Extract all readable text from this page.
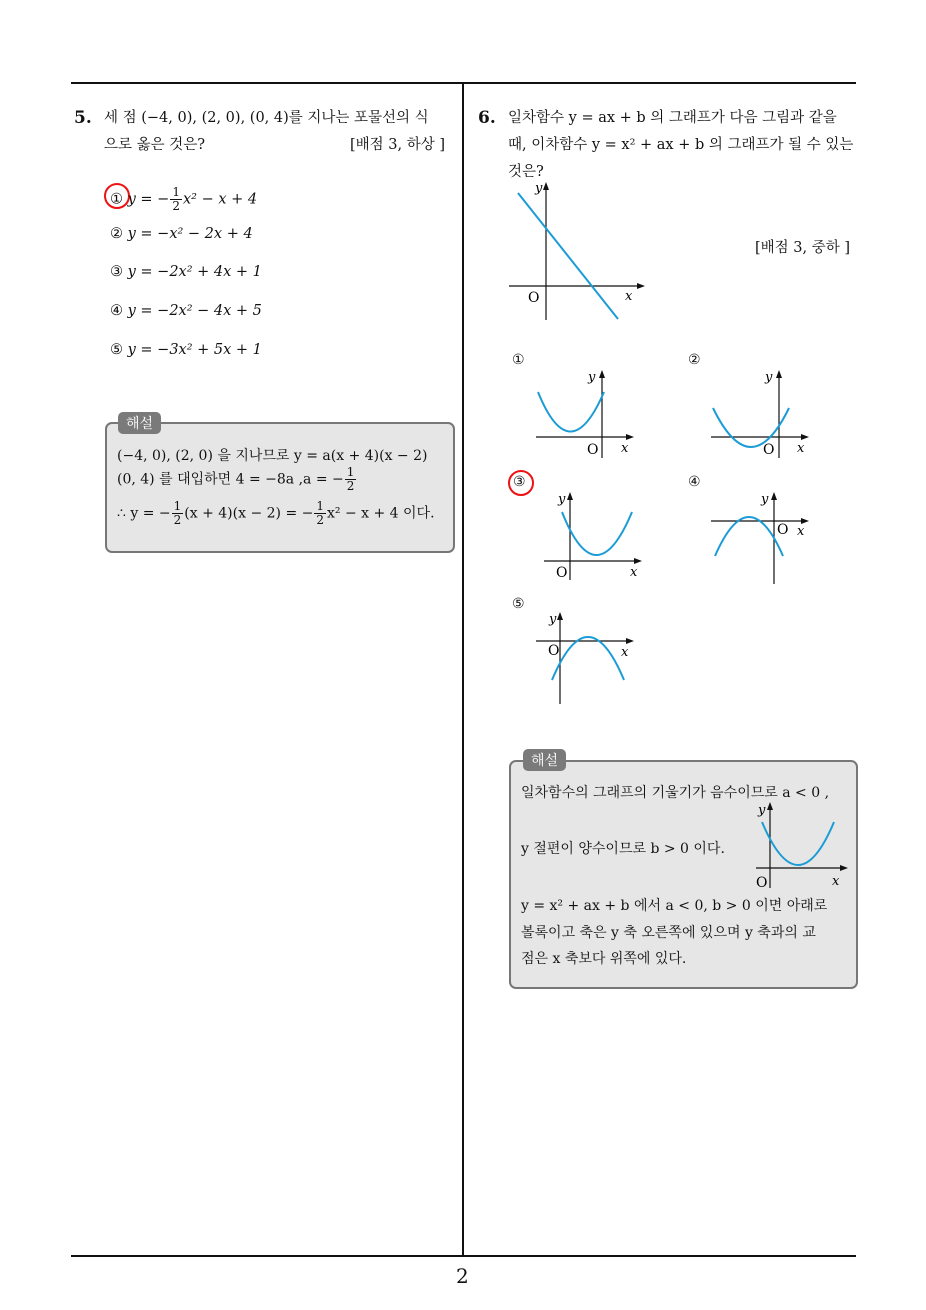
2
5. 세 점 (−4, 0), (2, 0), (0, 4)를 지나는 포물선의 식
으로 옳은 것은?	[배점 3, 하상 ]
① y = − $\frac{1}{2} x^2 - x + 4$
② y = −x² − 2x + 4
③ y = −2x² + 4x + 1
④ y = −2x² − 4x + 5
⑤ y = −3x² + 5x + 1
해설
(−4, 0), (2, 0) 을 지나므로 y = a(x + 4)(x − 2)
(0, 4) 를 대입하면 4 = −8a ,a = − $\frac{1}{2}$
∴ y = − $\frac{1}{2} (x + 4)(x - 2)$ = − $\frac{1}{2} x^2 - x + 4$ 이다.
6. 일차함수 y = ax + b 의 그래프가 다음 그림과 같을
때, 이차함수 y = x² + ax + b 의 그래프가 될 수 있는
것은?
[배점 3, 중하 ]
y
x
O
①	②
③	④
⑤
y
x
O
y
x
O
y
x
O
y
x
O
y
x
O
해설
일차함수의 그래프의 기울기가 음수이므로 a < 0 ,
y 절편이 양수이므로 b > 0 이다.
y
x
O
y = x² + ax + b 에서 a < 0, b > 0 이면 아래로
볼록이고 축은 y 축 오른쪽에 있으며 y 축과의 교
점은 x 축보다 위쪽에 있다.
